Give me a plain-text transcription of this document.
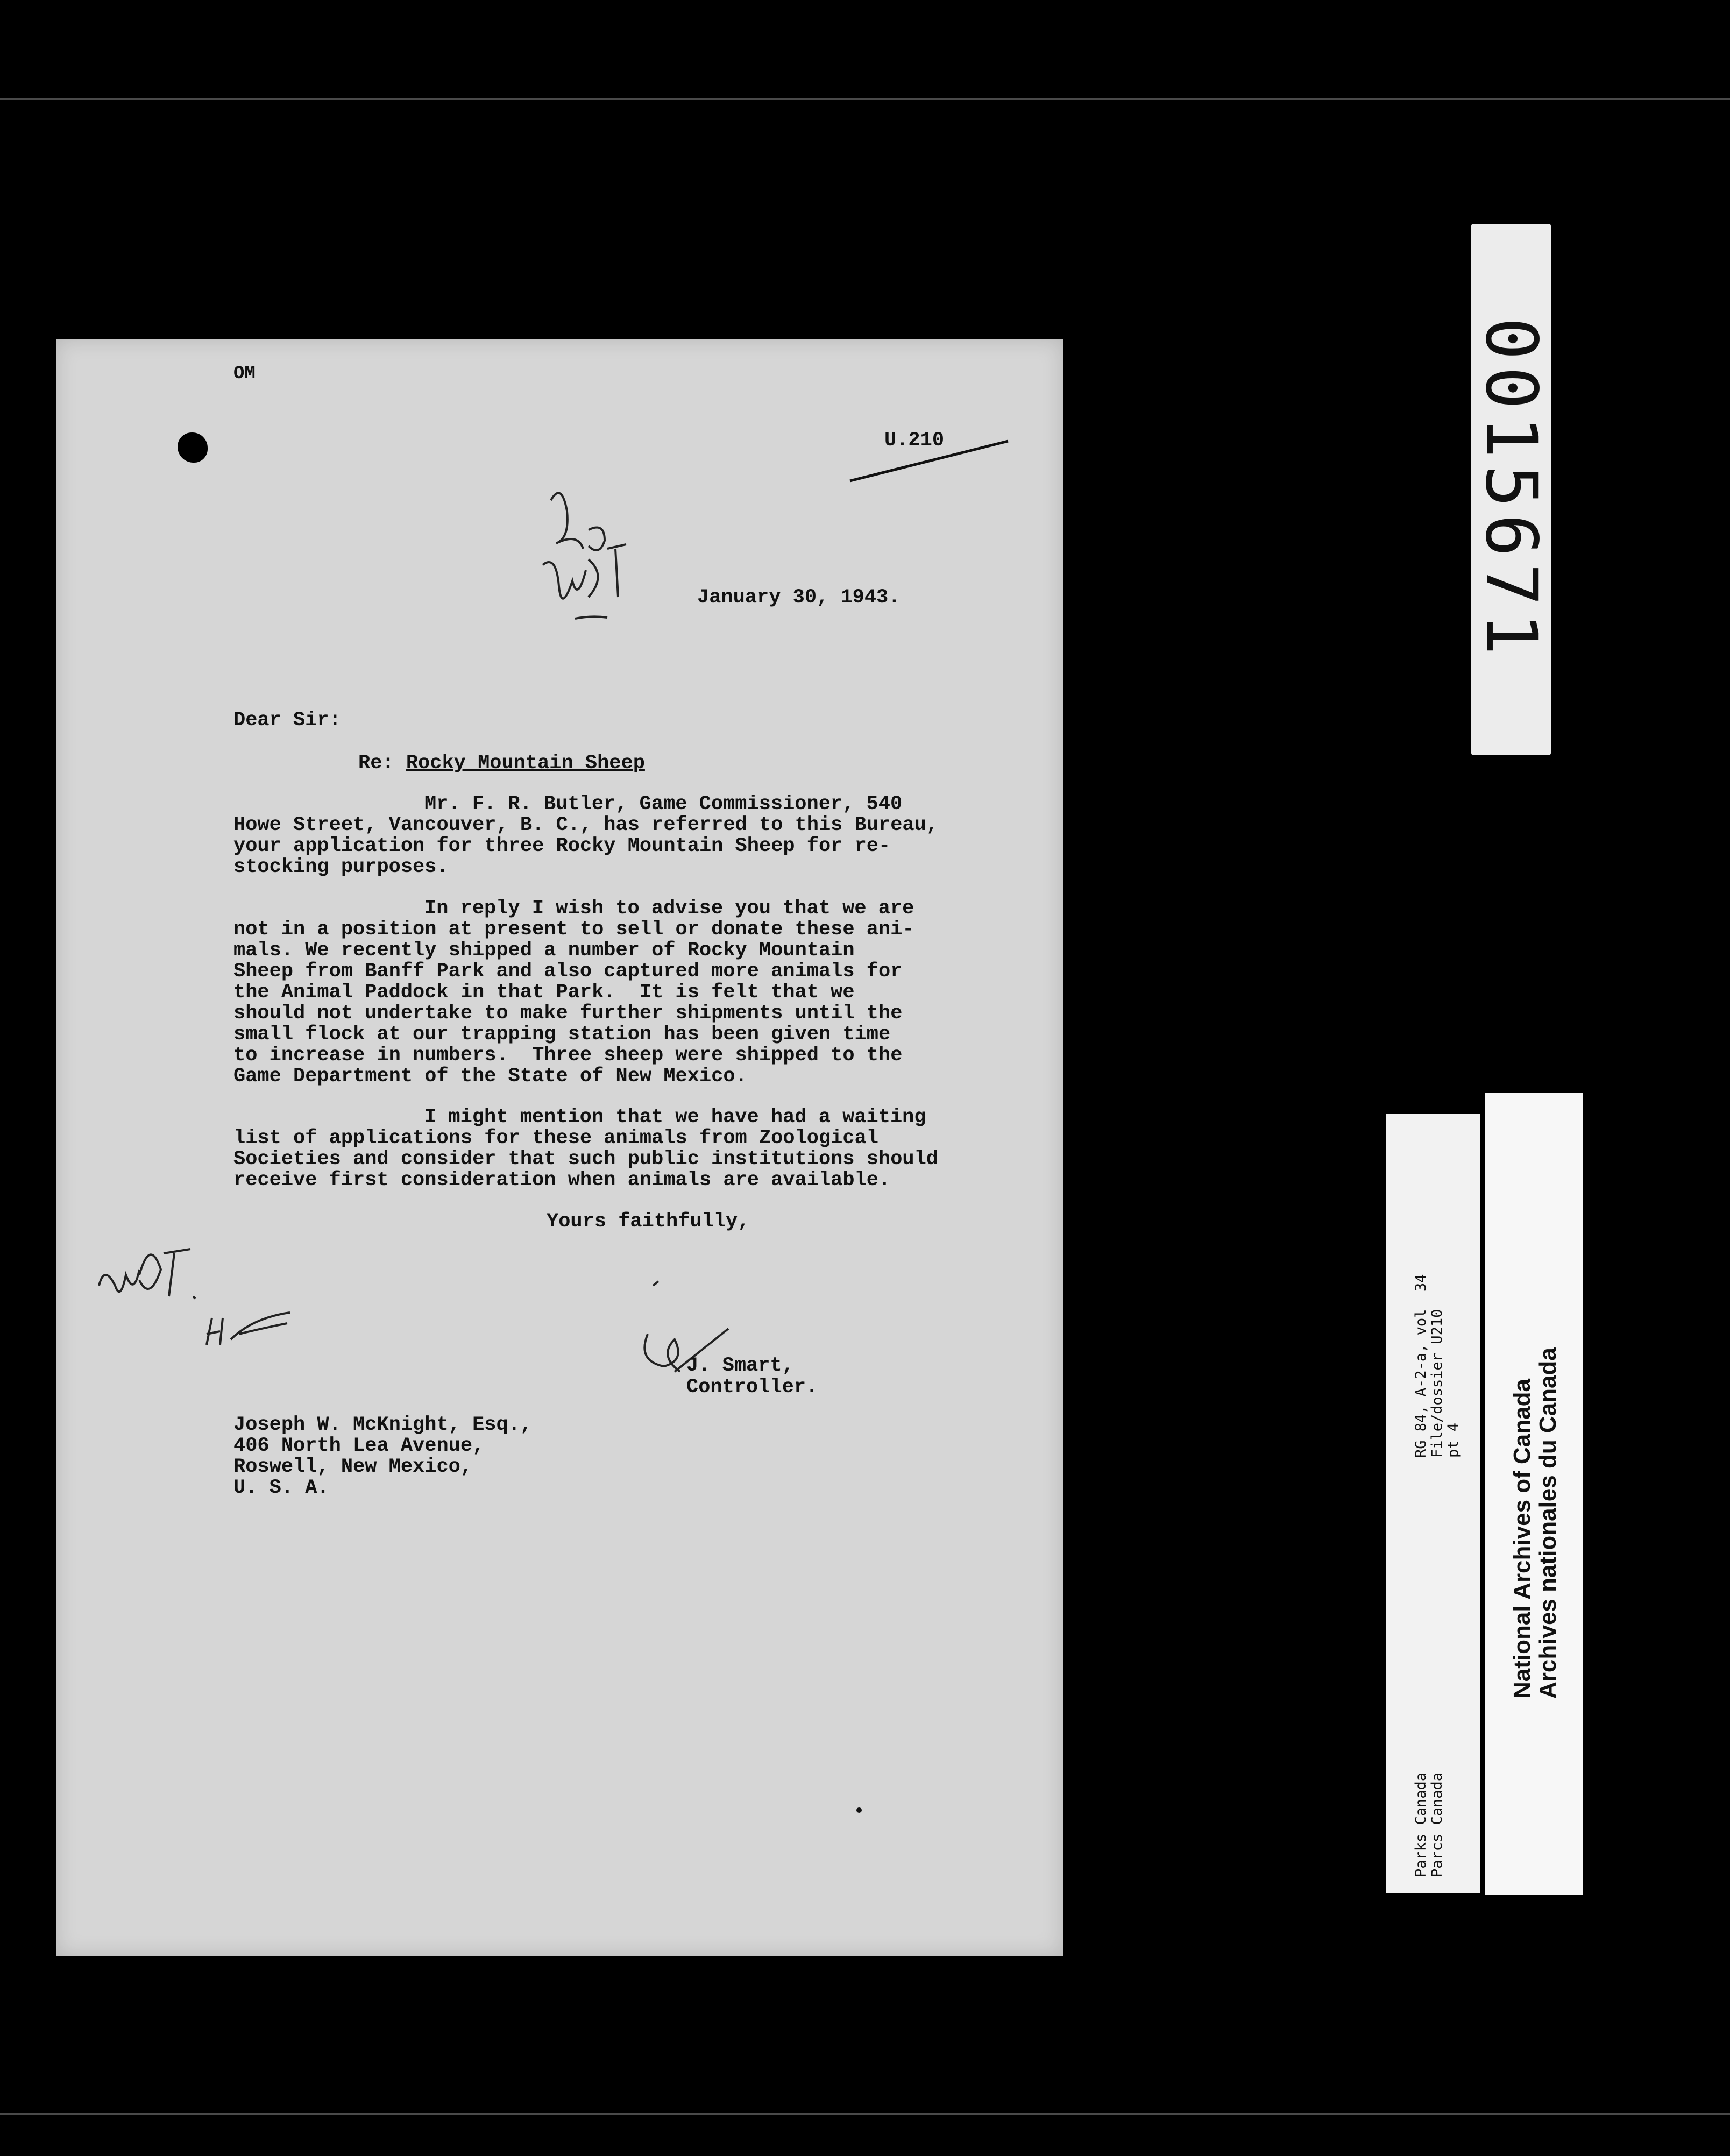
OM
U.210
January 30, 1943.
Dear Sir:
Re: Rocky Mountain Sheep
Mr. F. R. Butler, Game Commissioner, 540
Howe Street, Vancouver, B. C., has referred to this Bureau,
your application for three Rocky Mountain Sheep for re-
stocking purposes.
In reply I wish to advise you that we are
not in a position at present to sell or donate these ani-
mals. We recently shipped a number of Rocky Mountain
Sheep from Banff Park and also captured more animals for
the Animal Paddock in that Park.  It is felt that we
should not undertake to make further shipments until the
small flock at our trapping station has been given time
to increase in numbers.  Three sheep were shipped to the
Game Department of the State of New Mexico.
I might mention that we have had a waiting
list of applications for these animals from Zoological
Societies and consider that such public institutions should
receive first consideration when animals are available.
Yours faithfully,
J. Smart,
Controller.
Joseph W. McKnight, Esq.,
406 North Lea Avenue,
Roswell, New Mexico,
U. S. A.
0015671
RG 84, A-2-a, vol  34 File/dossier U210 pt 4
Parks Canada Parcs Canada
National Archives of Canada Archives nationales du Canada
